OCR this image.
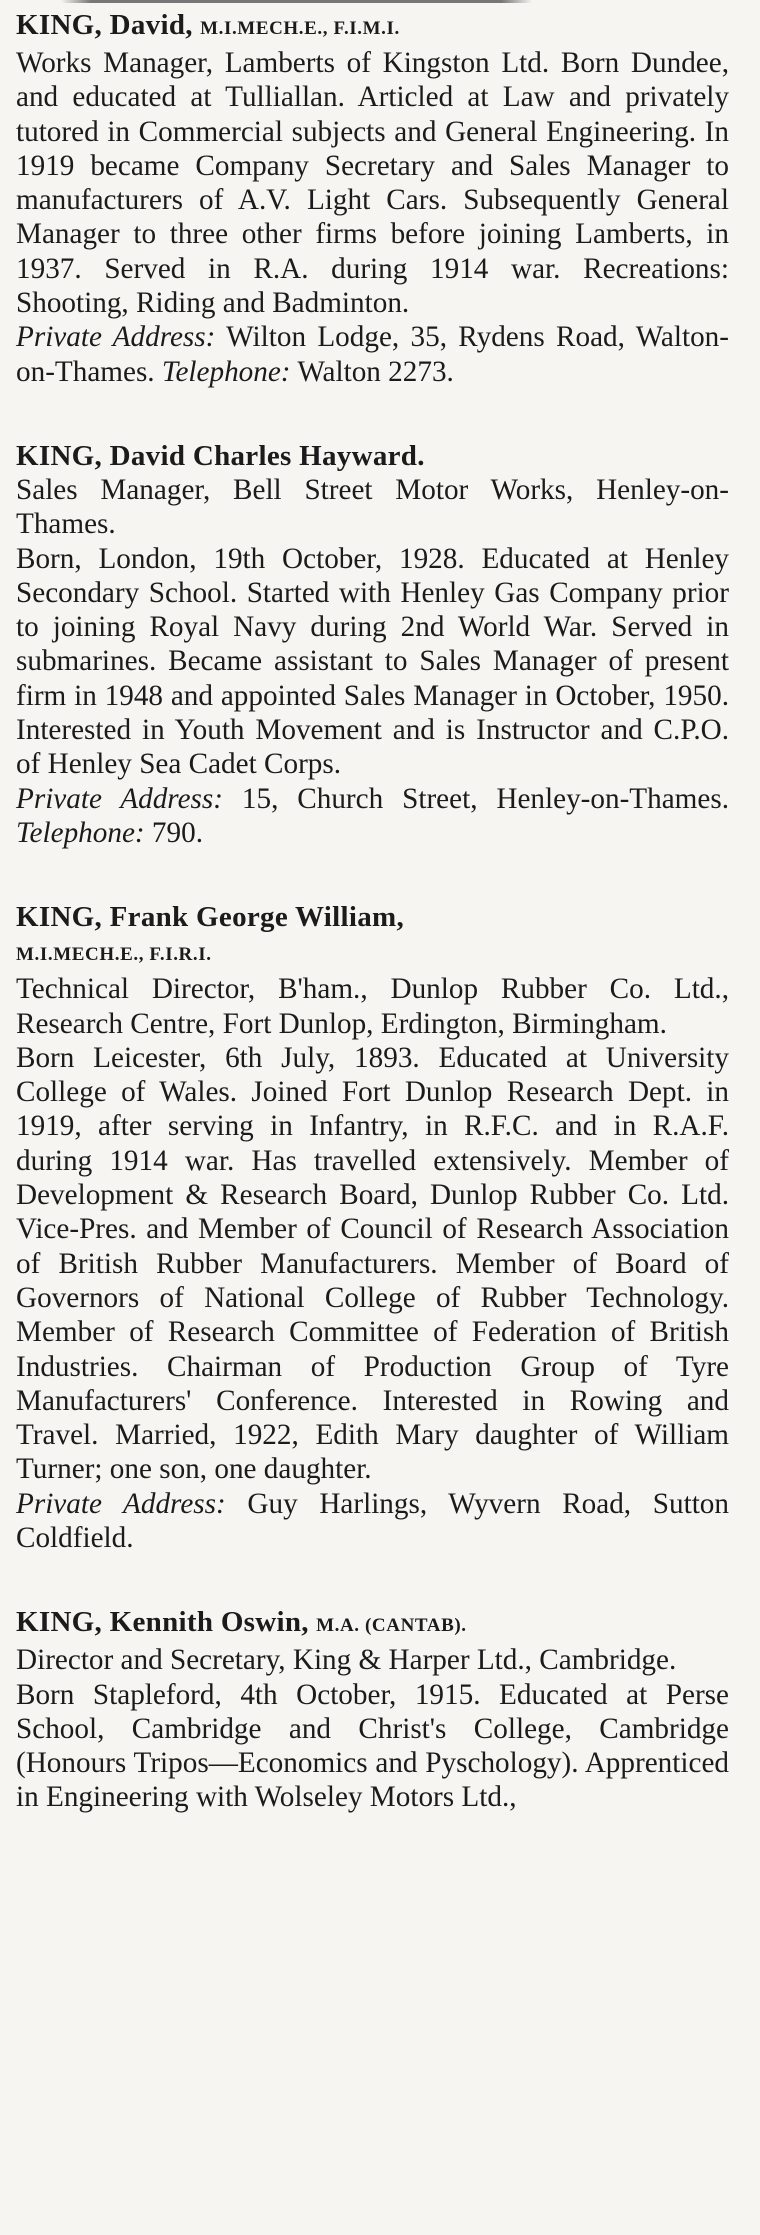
KING, David, M.I.MECH.E., F.I.M.I.

Works Manager, Lamberts of Kingston Ltd. Born Dundee, and educated at Tulliallan. Articled at Law and privately tutored in Commercial subjects and General Engineering. In 1919 became Company Secretary and Sales Manager to manufacturers of A.V. Light Cars. Subsequently General Manager to three other firms before joining Lamberts, in 1937. Served in R.A. during 1914 war. Recreations: Shooting, Riding and Badminton.

Private Address: Wilton Lodge, 35, Rydens Road, Walton-on-Thames. Telephone: Walton 2273.

KING, David Charles Hayward.

Sales Manager, Bell Street Motor Works, Henley-on-Thames.

Born, London, 19th October, 1928. Educated at Henley Secondary School. Started with Henley Gas Company prior to joining Royal Navy during 2nd World War. Served in submarines. Became assistant to Sales Manager of present firm in 1948 and appointed Sales Manager in October, 1950. Interested in Youth Movement and is Instructor and C.P.O. of Henley Sea Cadet Corps.

Private Address: 15, Church Street, Henley-on-Thames. Telephone: 790.

KING, Frank George William,
M.I.MECH.E., F.I.R.I.

Technical Director, B'ham., Dunlop Rubber Co. Ltd., Research Centre, Fort Dunlop, Erdington, Birmingham.

Born Leicester, 6th July, 1893. Educated at University College of Wales. Joined Fort Dunlop Research Dept. in 1919, after serving in Infantry, in R.F.C. and in R.A.F. during 1914 war. Has travelled extensively. Member of Development & Research Board, Dunlop Rubber Co. Ltd. Vice-Pres. and Member of Council of Research Association of British Rubber Manufacturers. Member of Board of Governors of National College of Rubber Technology. Member of Research Committee of Federation of British Industries. Chairman of Production Group of Tyre Manufacturers' Conference. Interested in Rowing and Travel. Married, 1922, Edith Mary daughter of William Turner; one son, one daughter.

Private Address: Guy Harlings, Wyvern Road, Sutton Coldfield.

KING, Kennith Oswin, M.A. (CANTAB).

Director and Secretary, King & Harper Ltd., Cambridge.

Born Stapleford, 4th October, 1915. Educated at Perse School, Cambridge and Christ's College, Cambridge (Honours Tripos—Economics and Pyschology). Apprenticed in Engineering with Wolseley Motors Ltd.,
